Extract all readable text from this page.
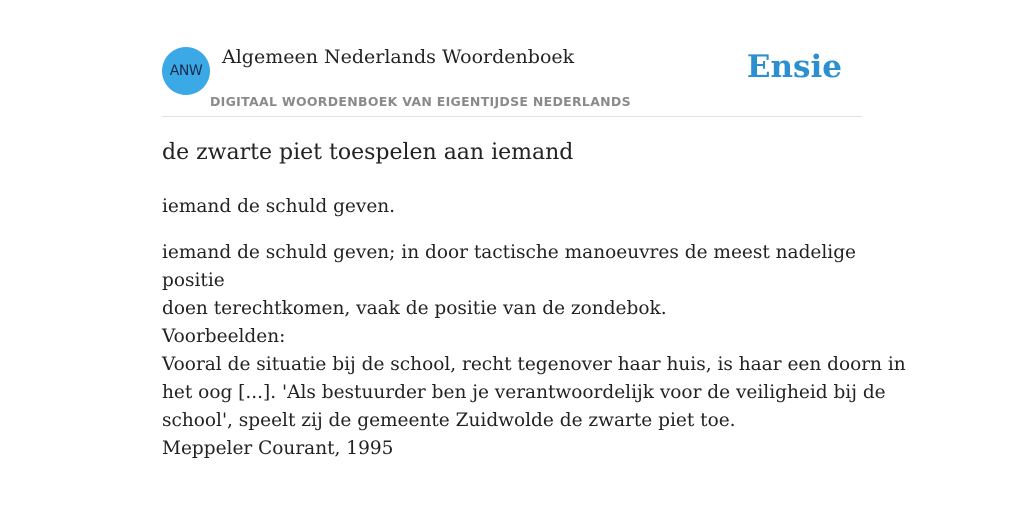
ANW
Algemeen Nederlands Woordenboek
DIGITAAL WOORDENBOEK VAN EIGENTIJDSE NEDERLANDS
Ensie
de zwarte piet toespelen aan iemand

iemand de schuld geven.

iemand de schuld geven; in door tactische manoeuvres de meest nadelige positie
doen terechtkomen, vaak de positie van de zondebok.

Voorbeelden:
Vooral de situatie bij de school, recht tegenover haar huis, is haar een doorn in
het oog [...]. 'Als bestuurder ben je verantwoordelijk voor de veiligheid bij de
school', speelt zij de gemeente Zuidwolde de zwarte piet toe.
Meppeler Courant, 1995
